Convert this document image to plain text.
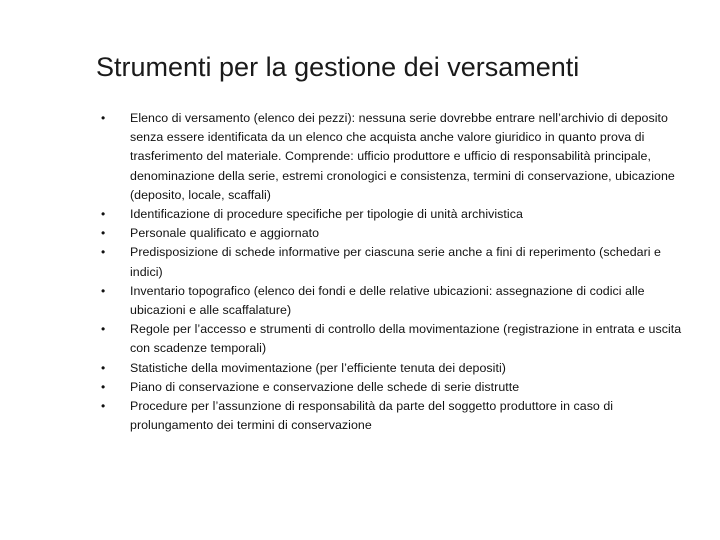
Strumenti per la gestione dei versamenti
•	Elenco di versamento (elenco dei pezzi): nessuna serie dovrebbe entrare nell’archivio di deposito senza essere identificata da un elenco che acquista anche valore giuridico in quanto prova di trasferimento del materiale. Comprende: ufficio produttore e ufficio di responsabilità principale, denominazione della serie, estremi cronologici e consistenza, termini di conservazione, ubicazione (deposito, locale, scaffali)
•	Identificazione di procedure specifiche per tipologie di unità archivistica
•	Personale qualificato e aggiornato
•	Predisposizione di schede informative per ciascuna serie anche a fini di reperimento (schedari e indici)
•	Inventario topografico (elenco dei fondi e delle relative ubicazioni: assegnazione di codici alle ubicazioni e alle scaffalature)
•	Regole per l’accesso e strumenti di controllo della movimentazione (registrazione in entrata e uscita con scadenze temporali)
•	Statistiche della movimentazione (per l’efficiente tenuta dei depositi)
•	Piano di conservazione e conservazione delle schede di serie distrutte
•	Procedure per l’assunzione di responsabilità da parte del soggetto produttore in caso di prolungamento dei termini di conservazione
